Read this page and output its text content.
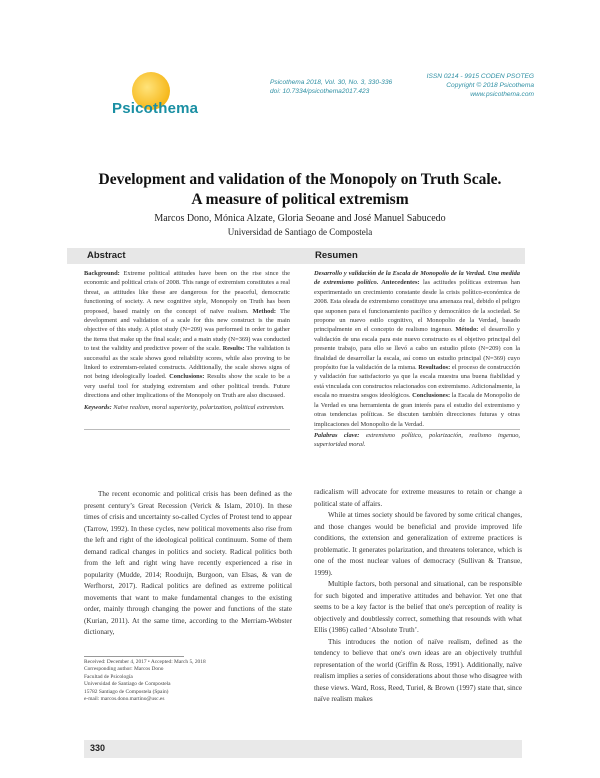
Psicothema
Psicothema 2018, Vol. 30, No. 3, 330-336
doi: 10.7334/psicothema2017.423
ISSN 0214 - 9915 CODEN PSOTEG
Copyright © 2018 Psicothema
www.psicothema.com
Development and validation of the Monopoly on Truth Scale.
A measure of political extremism
Marcos Dono, Mónica Alzate, Gloria Seoane and José Manuel Sabucedo
Universidad de Santiago de Compostela
Abstract	Resumen
Background: Extreme political attitudes have been on the rise since the economic and political crisis of 2008. This range of extremism constitutes a real threat, as attitudes like these are dangerous for the peaceful, democratic functioning of society. A new cognitive style, Monopoly on Truth has been proposed, based mainly on the concept of naïve realism. Method: The development and validation of a scale for this new construct is the main objective of this study. A pilot study (N=209) was performed in order to gather the items that make up the final scale; and a main study (N=369) was conducted to test the validity and predictive power of the scale. Results: The validation is successful as the scale shows good reliability scores, while also proving to be linked to extremism-related constructs. Additionally, the scale shows signs of not being ideologically loaded. Conclusions: Results show the scale to be a very useful tool for studying extremism and other political trends. Future directions and other implications of the Monopoly on Truth are also discussed.
Keywords: Naïve realism, moral superiority, polarization, political extremism.
Desarrollo y validación de la Escala de Monopolio de la Verdad. Una medida de extremismo político. Antecedentes: las actitudes políticas extremas han experimentado un crecimiento constante desde la crisis político-económica de 2008. Esta oleada de extremismo constituye una amenaza real, debido el peligro que suponen para el funcionamiento pacífico y democrático de la sociedad. Se propone un nuevo estilo cognitivo, el Monopolio de la Verdad, basado principalmente en el concepto de realismo ingenuo. Método: el desarrollo y validación de una escala para este nuevo constructo es el objetivo principal del presente trabajo, para ello se llevó a cabo un estudio piloto (N=209) con la finalidad de desarrollar la escala, así como un estudio principal (N=369) cuyo propósito fue la validación de la misma. Resultados: el proceso de construcción y validación fue satisfactorio ya que la escala muestra una buena fiabilidad y está vinculada con constructos relacionados con extremismo. Adicionalmente, la escala no muestra sesgos ideológicos. Conclusiones: la Escala de Monopolio de la Verdad es una herramienta de gran interés para el estudio del extremismo y otras tendencias políticas. Se discuten también direcciones futuras y otras implicaciones del Monopolio de la Verdad.
Palabras clave: extremismo político, polarización, realismo ingenuo, superioridad moral.

The recent economic and political crisis has been defined as the present century’s Great Recession (Verick & Islam, 2010). In these times of crisis and uncertainty so-called Cycles of Protest tend to appear (Tarrow, 1992). In these cycles, new political movements also rise from the left and right of the ideological political continuum. Some of them demand radical changes in politics and society. Radical politics both from the left and right wing have recently experienced a rise in popularity (Mudde, 2014; Rooduijn, Burgoon, van Elsas, & van de Werfhorst, 2017). Radical politics are defined as extreme political movements that want to make fundamental changes to the existing order, mainly through changing the power and functions of the state (Kurian, 2011). At the same time, according to the Merriam-Webster dictionary,

radicalism will advocate for extreme measures to retain or change a political state of affairs.

While at times society should be favored by some critical changes, and those changes would be beneficial and provide improved life conditions, the extension and generalization of extreme practices is problematic. It generates polarization, and threatens tolerance, which is one of the most nuclear values of democracy (Sullivan & Transue, 1999).

Multiple factors, both personal and situational, can be responsible for such bigoted and imperative attitudes and behavior. Yet one that seems to be a key factor is the belief that one's perception of reality is objectively and doubtlessly correct, something that resounds with what Ellis (1986) called ‘Absolute Truth’.

This introduces the notion of naïve realism, defined as the tendency to believe that one's own ideas are an objectively truthful representation of the world (Griffin & Ross, 1991). Additionally, naïve realism implies a series of considerations about those who disagree with these views. Ward, Ross, Reed, Turiel, & Brown (1997) state that, since naïve realism makes

Received: December 4, 2017 • Accepted: March 5, 2018
Corresponding author: Marcos Dono
Facultad de Psicología
Universidad de Santiago de Compostela
15782 Santiago de Compostela (Spain)
e-mail: marcos.dono.martino@usc.es
330
